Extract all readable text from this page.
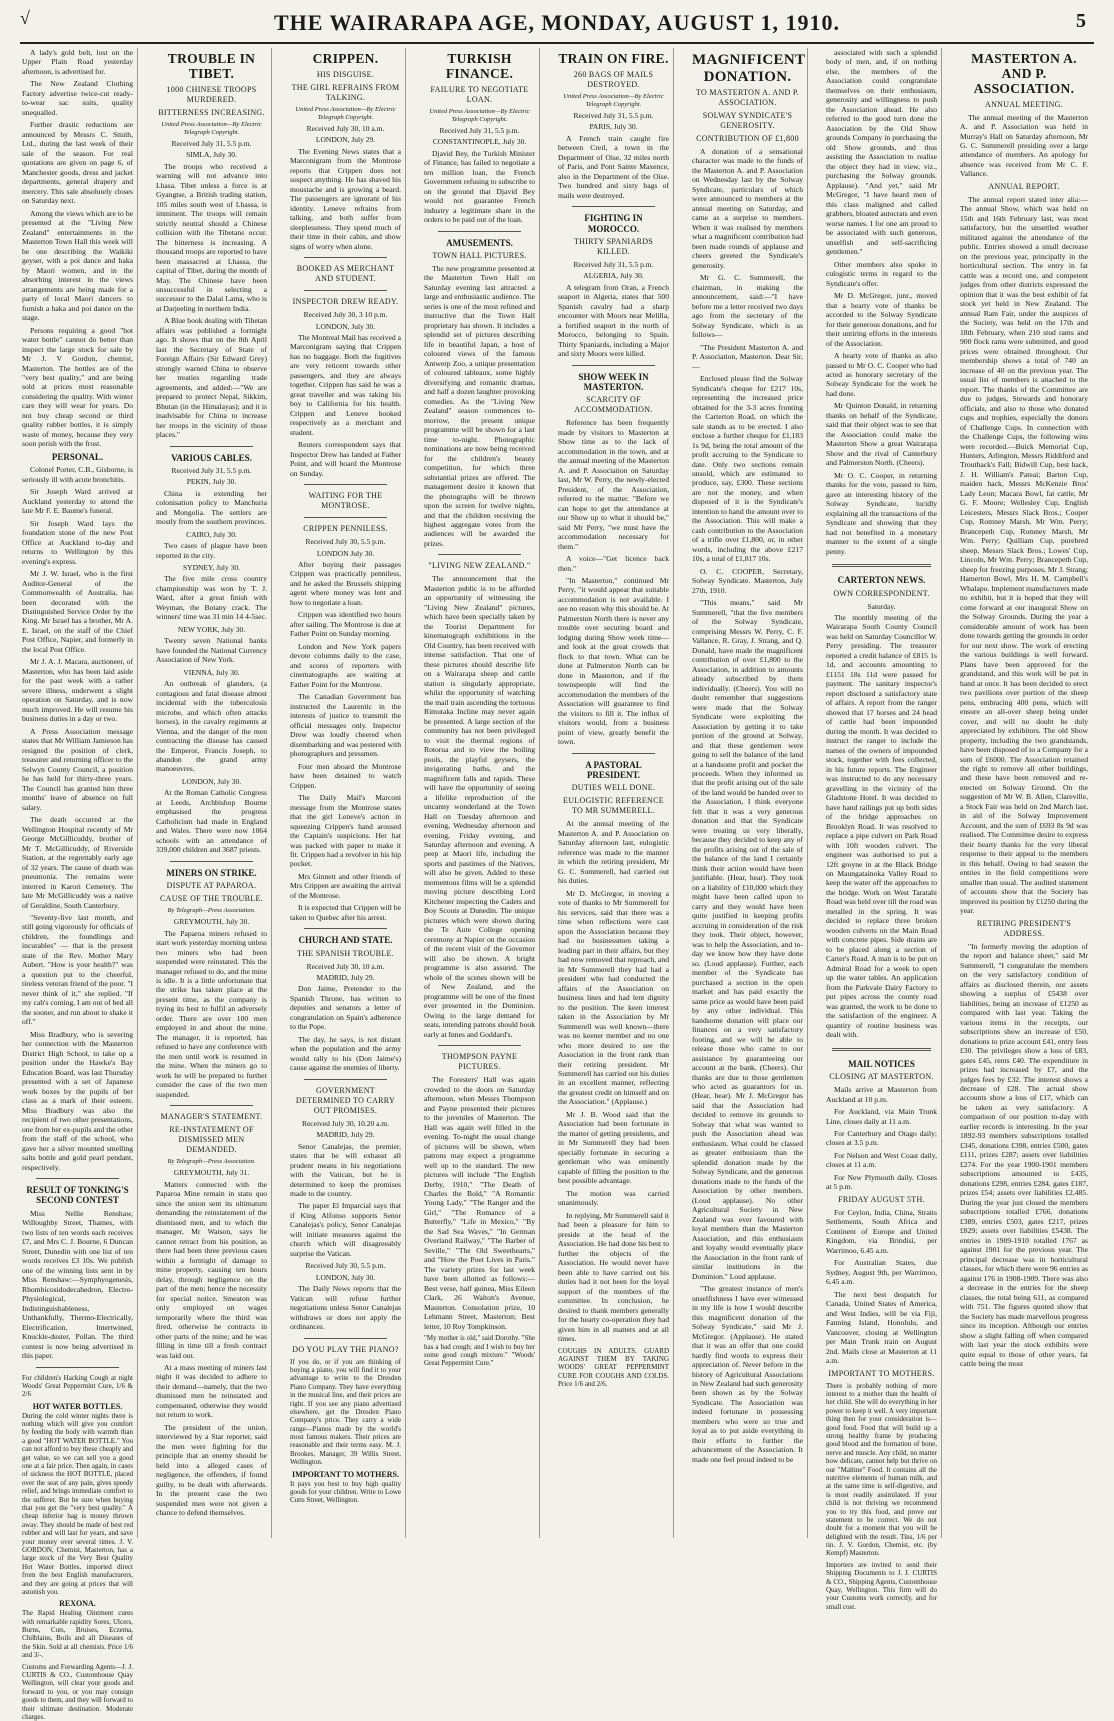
√	THE WAIRARAPA AGE, MONDAY, AUGUST 1, 1910.	5

A lady's gold belt, lost on the Upper Plain Road yesterday afternoon, is advertised for.

The New Zealand Clothing Factory advertise twice-cut ready-to-wear sac suits, quality unequalled.

Further drastic reductions are announced by Messrs C. Smith, Ltd., during the last week of their sale of the season. For real quotations are given on page 6, of Manchester goods, dress and jacket departments, general drapery and mercery. This sale absolutely closes on Saturday next.

Among the views which are to be presented at the "Living New Zealand" entertainments in the Masterton Town Hall this week will be one describing the Waikiki geyser, with a poi dance and haka by Maori women, and in the absorbing interest in the views arrangements are being made for a party of local Maori dancers to furnish a haka and poi dance on the stage.

Persons requiring a good "hot water bottle" cannot do better than inspect the large stock for sale by Mr J. V Gordon, chemist, Masterton. The bottles are of the "very best quality," and are being sold at prices most reasonable considering the quality. With winter care they will wear for years. Do not buy cheap second or third quality rubber bottles, it is simply waste of money, because they very soon perish with the frost.

PERSONAL.

Colonel Porter, C.B., Gisborne, is seriously ill with acute bronchitis.

Sir Joseph Ward arrived at Auckland yesterday to attend the late Mr F. E. Baume's funeral.

Sir Joseph Ward lays the foundation stone of the new Post Office at Auckland to-day and returns to Wellington by this evening's express.

Mr J. W. Israel, who is the first Auditor-General of the Commonwealth of Australia, has been decorated with the Distinguished Service Order by the King. Mr Israel has a brother, Mr A. E. Israel, on the staff of the Chief Post Office, Napier, and formerly in the local Post Office.

Mr J. A. J. Macara, auctioneer, of Masterton, who has been laid aside for the past week with a rather severe illness, underwent a slight operation on Saturday, and is now much improved. He will resume his business duties in a day or two.

A Press Association message states that Mr William Jamieson has resigned the position of clerk, treasurer and returning officer to the Selwyn County Council, a position he has held for thirty-three years. The Council has granted him three months' leave of absence on full salary.

The death occurred at the Wellington Hospital recently of Mr George McGillicuddy, brother of Mr T. McGillicuddy, of Riverside Station, at the regrettably early age of 32 years. The cause of death was pneumonia. The remains were interred in Karori Cemetery. The late Mr McGillicuddy was a native of Geraldine, South Canterbury.

"Seventy-five last month, and still going vigorously for officials of children, the foundlings and incurables" — that is the present state of the Rev. Mother Mary Aubert. "How is your health?" was a question put to the cheerful, tireless veteran friend of the poor. "I never think of it," she replied. "If my cab's coming, I am out of bed all the sooner, and run about to shake it off."

Miss Bradbury, who is severing her connection with the Masterton District High School, to take up a position under the Hawke's Bay Education Board, was last Thursday presented with a set of Japanese work boxes by the pupils of her class as a mark of their esteem. Miss Bradbury was also the recipient of two other presentations, one from her ex-pupils and the other from the staff of the school, who gave her a silver mounted smelling salts bottle and gold pearl pendant, respectively.

RESULT OF TONKING'S SECOND CONTEST

Miss Nellie Renshaw, Willoughby Street, Thames, with two lists of ten words each receives £7, and Mrs C. J. Bourne, 6 Duncan Street, Dunedin with one list of ten words receives £3 10s. We publish one of the winning lists sent in by Miss Renshaw:—Symphyogenesis, Rhombicosidodecahedron, Electro-Physiological, Indistinguishableness, Unthankfully, Thermo-Electrically, Electrification, Intertwined, Knuckle-duster, Pollan. The third contest is now being advertised in this paper.

For children's Hacking Cough at night Woods' Great Peppermint Cure, 1/6 & 2/6

HOT WATER BOTTLES.

During the cold winter nights there is nothing which will give you comfort by feeding the body with warmth than a good "HOT WATER BOTTLE." You can not afford to buy these cheaply and get value, so we can sell you a good one at a fair price. Then again, in cases of sickness the HOT BOTTLE, placed over the seat of any pain, gives speedy relief, and brings immediate comfort to the sufferer. But be sure when buying that you get the "very best quality." A cheap inferior bag is money thrown away. They should be made of best red rubber and will last for years, and save your money over several times. J. V. GORDON, Chemist, Masterton, has a large stock of the Very Best Quality Hot Water Bottles, imported direct from the best English manufacturers, and they are going at prices that will astonish you.

REXONA.

The Rapid Healing Ointment cures with remarkable rapidity Sores, Ulcers, Burns, Cuts, Bruises, Eczema, Chilblains, Boils and all Diseases of the Skin. Sold at all chemists. Price 1/6 and 3/-.

Customs and Forwarding Agents—J. J. CURTIS & CO., Customhouse Quay Wellington, will clear your goods and forward to you, or you may consign goods to them, and they will forward to their ultimate destination. Moderate charges.

TROUBLE IN TIBET.
1000 CHINESE TROOPS MURDERED.
BITTERNESS INCREASING.
United Press Association—By Electric Telegraph Copyright.
Received July 31, 5.5 p.m.
SIMLA, July 30.

The troops who received a warning will not advance into Lhasa. Tibet unless a force is at Gyangtse, a British trading station, 105 miles south west of Lhassa, is imminent. The troops will remain strictly neutral should a Chinese collision with the Tibetans occur. The bitterness is increasing. A thousand troops are reported to have been massacred at Lhassa, the capital of Tibet, during the month of May. The Chinese have been unsuccessful in selecting a successor to the Dalai Lama, who is at Darjeeling in northern India.

A Blue book dealing with Tibetan affairs was published a fortnight ago. It shows that on the 8th April last the Secretary of State of Foreign Affairs (Sir Edward Grey) strongly warned China to observe her treaties regarding trade agreements, and added:—"We are prepared to protect Nepal, Sikkim, Bhutan (in the Himalayas); and it is inadvisable for China to increase her troops in the vicinity of those places."

VARIOUS CABLES.
Received July 31, 5.5 p.m.
PEKIN, July 30.

China is extending her colonisation policy to Manchuria and Mongolia. The settlers are mostly from the southern provinces.

CAIRO, July 30.

Two cases of plague have been reported in the city.

SYDNEY, July 30.

The five mile cross country championship was won by T. J. Ward, after a great finish with Weyman, the Botany crack. The winners' time was 31 min 14 4-5sec.

NEW YORK, July 30.

Twenty seven National banks have founded the National Currency Association of New York.

VIENNA, July 30.

An outbreak of glanders, (a contagious and fatal disease almost incidental with the tuberculosis microbe, and which often attacks horses), in the cavalry regiments at Vienna, and the danger of the men contracting the disease has caused the Emperor, Francis Joseph, to abandon the grand army manoeuvres.

LONDON, July 30.

At the Roman Catholic Congress at Leeds, Archbishop Bourne emphasised the progress Catholicism had made in England and Wales. There were now 1064 schools with an attendance of 339,000 children and 3687 priests.

MINERS ON STRIKE.
DISPUTE AT PAPAROA.
CAUSE OF THE TROUBLE.
By Telegraph—Press Association.
GREYMOUTH, July 30.

The Paparoa miners refused to start work yesterday morning unless two miners who had been suspended were reinstated. This the manager refused to do, and the mine is idle. It is a little unfortunate that the strike has taken place at the present time, as the company is trying its best to fulfil an adversely order. There are over 100 men employed in and about the mine. The manager, it is reported, has refused to have any conference with the men until work is resumed in the mine. When the miners go to work he will be prepared to further consider the case of the two men suspended.

MANAGER'S STATEMENT.
RE-INSTATEMENT OF DISMISSED MEN DEMANDED.
By Telegraph—Press Association.
GREYMOUTH, July 31.

Matters connected with the Paparoa Mine remain in statu quo since the union sent its ultimatum demanding the reinstatement of the dismissed men, and to which the manager, Mr Watson, says he cannot retract from his position, as there had been three previous cases within a fortnight of damage to mine property, causing ten hours delay, through negligence on the part of the men; hence the necessity for special notice. Smeaton was only employed on wages temporarily where the third was fired, otherwise he contracts in other parts of the mine; and he was filling in time till a fresh contract was laid out.

At a mass meeting of miners last night it was decided to adhere to their demand—namely, that the two dismissed men be reinstated and compensated, otherwise they would not return to work.

The president of the union, interviewed by a Star reporter, said the men were fighting for the principle that an enemy should be held into a alleged cases of negligence, the offenders, if found guilty, to be dealt with afterwards. In the present case the two suspended men were not given a chance to defend themselves.

CRIPPEN.
HIS DISGUISE.
THE GIRL REFRAINS FROM TALKING.
United Press Association—By Electric Telegraph Copyright.
Received July 30, 10 a.m.
LONDON, July 29.

The Evening News states that a Marconigram from the Montrose reports that Crippen does not suspect anything. He has shaved his moustache and is growing a beard. The passengers are ignorant of his identity. Leneve refrains from talking, and both suffer from sleeplessness. They spend much of their time in their cabin, and show signs of worry when alone.

BOOKED AS MERCHANT AND STUDENT.
INSPECTOR DREW READY.
Received July 30, 3 10 p.m.
LONDON, July 30.

The Montreal Mail has received a Marconigram saying that Crippen has no baggage. Both the fugitives are very reticent towards other passengers, and they are always together. Crippen has said he was a great traveller and was taking his boy to California for his health. Crippen and Leneve booked respectively as a merchant and student.

Reuters correspondent says that Inspector Drew has landed at Father Point, and will board the Montrose on Sunday.

WAITING FOR THE MONTROSE.
CRIPPEN PENNILESS.
Received July 30, 5.5 p.m.
LONDON July 30.

After buying their passages Crippen was practically penniless, and he asked the Brussels shipping agent where money was lent and how to negotiate a loan.

Crippen was identified two hours after sailing. The Montrose is due at Father Point on Sunday morning.

London and New York papers devote columns daily to the case, and scores of reporters with cinematographs are waiting at Father Point for the Montrose.

The Canadian Government has instructed the Laurentic in the interests of justice to transmit the official messages only. Inspector Drew was loudly cheered when disembarking and was pestered with photographers and pressmen.

Four men aboard the Montrose have been detained to watch Crippen.

The Daily Mail's Marconi message from the Montrose states that the girl Leneve's action in squeezing Crippen's hand aroused the Captain's suspicions. Her hat was packed with paper to make it fit. Crippen had a revolver in his hip pocket.

Mrs Ginnett and other friends of Mrs Crippen are awaiting the arrival of the Montrose.

It is expected that Crippen will be taken to Quebec after his arrest.

CHURCH AND STATE.
THE SPANISH TROUBLE.
Received July 30, 10 a.m.
MADRID, July 29.

Don Jaime, Pretender to the Spanish Throne, has written to deputies and senators a letter of congratulation on Spain's adherence to the Pope.

The day, he says, is not distant when the population and the army would rally to his (Don Jaime's) cause against the enemies of liberty.

GOVERNMENT DETERMINED TO CARRY OUT PROMISES.
Received July 30, 10.20 a.m.
MADRID, July 29.

Senor Canalejas, the premier, states that he will exhaust all prudent means in his negotiations with the Vatican, but he is determined to keep the promises made to the country.

The paper El Imparcial says that if King Alfonso supports Senor Canalejas's policy, Senor Canalejas will initiate measures against the church which will disagreeably surprise the Vatican.

Received July 30, 5.5 p.m.
LONDON, July 30.

The Daily News reports that the Vatican will refuse further negotiations unless Senor Canalejas withdraws or does not apply the ordinances.

DO YOU PLAY THE PIANO?

If you do, or if you are thinking of buying a piano, you will find it to your advantage to write to the Dresden Piano Company. They have everything in the musical line, and their prices are right. If you see any piano advertised elsewhere, get the Dresden Piano Company's price. They carry a wide range—Pianos made by the world's most famous makers. Their prices are reasonable and their terms easy. M. J. Brookes, Manager, 39 Willis Street, Wellington.

IMPORTANT TO MOTHERS.

It pays you best to buy high quality goods for your children. Write to Lowe Cutts Street, Wellington.

TURKISH FINANCE.
FAILURE TO NEGOTIATE LOAN.
United Press Association—By Electric Telegraph Copyright.
Received July 31, 5.5 p.m.
CONSTANTINOPLE, July 30.

Djavid Bey, the Turkish Minister of Finance, has failed to negotiate a ten million loan, the French Government refusing to subscribe to on the ground that Djavid Bey would not guarantee French industry a legitimate share in the orders to be paid out of the loan.

AMUSEMENTS.
TOWN HALL PICTURES.

The new programme presented at the Masterton Town Hall on Saturday evening last attracted a large and enthusiastic audience. The series is one of the most refined and instructive that the Town Hall proprietary has shown. It includes a splendid set of pictures describing life in beautiful Japan, a host of coloured views of the famous Antwerp Zoo, a unique presentation of coloured tableaux, some highly diversifying and romantic dramas, and half a dozen laughter provoking comedies. As the "Living New Zealand" season commences to-morrow, the present unique programme will be shown for a last time to-night. Photographic nominations are now being received for the children's beauty competition, for which three substantial prizes are offered. The management desire it known that the photographs will be thrown upon the screen for twelve nights, and that the children receiving the highest aggregate votes from the audiences will be awarded the prizes.

"LIVING NEW ZEALAND."

The announcement that the Masterton public is to be afforded an opportunity of witnessing the "Living New Zealand" pictures, which have been specially taken by the Tourist Department for kinematograph exhibitions in the Old Country, has been received with intense satisfaction. That one of these pictures should describe life on a Wairarapa sheep and cattle station is singularly appropriate, whilst the opportunity of watching the mail train ascending the tortuous Rimutaka Incline may never again be presented. A large section of the community has not been privileged to visit the thermal regions of Rotorua and to view the boiling pools, the playful geysers, the invigorating baths, and the magnificent falls and rapids. These will have the opportunity of seeing a lifelike reproduction of the uncanny wonderland at the Town Hall on Tuesday afternoon and evening, Wednesday afternoon and evening, Friday evening, and Saturday afternoon and evening. A peep at Maori life, including the sports and pastimes of the Natives, will also be given. Added to these momentous films will be a splendid moving picture describing Lord Kitchener inspecting the Cadets and Boy Scouts at Dunedin. The unique pictures which were shown during the Te Aute College opening ceremony at Napier on the occasion of the recent visit of the Governor will also be shown. A bright programme is also assured. The whole of the scenes shown will be of New Zealand, and the programme will be one of the finest ever presented in the Dominion. Owing to the large demand for seats, intending patrons should book early at Innes and Goddard's.

THOMPSON PAYNE PICTURES.

The Foresters' Hall was again crowded to the doors on Saturday afternoon, when Messrs Thompson and Payne presented their pictures to the juveniles of Masterton. The Hall was again well filled in the evening. To-night the usual change of pictures will be shown, when patrons may expect a programme well up to the standard. The new pictures will include "The English Derby, 1910," "The Death of Charles the Bold," "A Romantic Young Lady," "The Ranger and the Girl," "The Romance of a Butterfly," "Life in Mexico," "By the Sad Sea Waves," "In German Overland Railway," "The Barber of Seville," "The Old Sweethearts," and "How the Poet Lives in Paris." The variety prizes for last week have been allotted as follows:—Best verse, half guinea, Miss Eileen Clark, 26 Walton's Avenue, Masterton. Consolation prize, 10 Lehmann Street, Masterton; Best letter, 10 Roy Tompkinson.

"My mother is old," said Dorothy. "She has a bad cough; and I wish to buy her some good cough mixture." "Woods' Great Peppermint Cure."

TRAIN ON FIRE.
260 BAGS OF MAILS DESTROYED.
United Press Association—By Electric Telegraph Copyright.
Received July 31, 5.5 p.m.
PARIS, July 30.

A French train caught fire between Creil, a town in the Department of Oise, 32 miles north of Paris, and Pont Sainte Maxence, also in the Department of the Oise. Two hundred and sixty bags of mails were destroyed.

FIGHTING IN MOROCCO.
THIRTY SPANIARDS KILLED.
Received July 31, 5.5 p.m.
ALGERIA, July 30.

A telegram from Oran, a French seaport in Algeria, states that 500 Spanish cavalry had a sharp encounter with Moors near Melilla, a fortified seaport in the north of Morocco, belonging to Spain. Thirty Spaniards, including a Major and sixty Moors were killed.

SHOW WEEK IN MASTERTON.
SCARCITY OF ACCOMMODATION.

Reference has been frequently made by visitors to Masterton at Show time as to the lack of accommodation in the town, and at the annual meeting of the Masterton A. and P. Association on Saturday last, Mr W. Perry, the newly-elected President, of the Association, referred to the matter. "Before we can hope to get the attendance at our Show up to what it should be," said Mr Perry, "we must have the accommodation necessary for them."

A voice—"Get licence back then."

"In Masterton," continued Mr Perry, "it would appear that suitable accommodation is not available. I see no reason why this should be. At Palmerston North there is never any trouble over securing board and lodging during Show week time—and look at the great crowds that flock to that town. What can be done at Palmerston North can be done in Masterton, and if the townspeople will find the accommodation the members of the Association will guarantee to find the visitors to fill it. The influx of visitors would, from a business point of view, greatly benefit the town.

A PASTORAL PRESIDENT.
DUTIES WELL DONE.
EULOGISTIC REFERENCE TO MR SUMMERELL.

At the annual meeting of the Masterton A. and P. Association on Saturday afternoon last, eulogistic reference was made to the manner in which the retiring president, Mr G. C. Summerell, had carried out his duties.

Mr D. McGregor, in moving a vote of thanks to Mr Summerell for his services, said that there was a time when reflections were cast upon the Association because they had no businessmen taking a leading part in their affairs, but they had now removed that reproach, and in Mr Summerell they had had a president who had conducted the affairs of the Association on business lines and had lent dignity to the position. The keen interest taken in the Association by Mr Summerell was well known—there was no keener member and no one who more desired to see the Association in the front rank than their retiring president. Mr Summerell has carried out his duties in an excellent manner, reflecting the greatest credit on himself and on the Association." (Applause.)

Mr J. B. Wood said that the Association had been fortunate in the matter of getting presidents, and in Mr Summerell they had been specially fortunate in securing a gentleman who was eminently capable of filling the position to the best possible advantage.

The motion was carried unanimously.

In replying, Mr Summerell said it had been a pleasure for him to preside at the head of the Association. He had done his best to further the objects of the Association. He would never have been able to have carried out his duties had it not been for the loyal support of the members of the committee. In conclusion, he desired to thank members generally for the hearty co-operation they had given him in all matters and at all times.

COUGHS IN ADULTS. GUARD AGAINST THEM BY TAKING WOODS' GREAT PEPPERMINT CURE FOR COUGHS AND COLDS. Price 1/6 and 2/6.

MAGNIFICENT DONATION.
TO MASTERTON A. AND P. ASSOCIATION.
SOLWAY SYNDICATE'S GENEROSITY.
CONTRIBUTION OF £1,800

A donation of a sensational character was made to the funds of the Masterton A. and P. Association on Wednesday last by the Solway Syndicate, particulars of which were announced to members at the annual meeting on Saturday, and came as a surprise to members. When it was realised by members what a magnificent contribution had been made rounds of applause and cheers greeted the Syndicate's generosity.

Mr G. C. Summerell, the chairman, in making the announcement, said:—"I have before me a letter received two days ago from the secretary of the Solway Syndicate, which is as follows—

"The President Masterton A. and P. Association, Masterton. Dear Sir,—

Enclosed please find the Solway Syndicate's cheque for £217 10s, representing the increased price obtained for the 3-3 acres fronting the Carterton Road, on which the sale stands as to be erected. I also enclose a further cheque for £1,183 1s 9d, being the total amount of the profit accruing to the Syndicate to date. Only two sections remain unsold, which are estimated to produce, say, £300. These sections are not the money, and when disposed of it is the Syndicate's intention to hand the amount over to the Association. This will make a cash contribution to the Association of a trifle over £1,800, or, in other words, including the above £217 10s, a total of £1,817 10s.

O. C. COOPER, Secretary, Solway Syndicate. Masterton, July 27th, 1910.

"This means," said Mr Summerell, "that the five members of the Solway Syndicate, comprising Messrs W. Perry, C. F. Vallance, R. Gray, J. Strang, and Q. Donald, have made the magnificent contribution of over £1,800 to the Association, in addition to amounts already subscribed by them individually. (Cheers). You will no doubt remember that suggestions were made that the Solway Syndicate were exploiting the Association by getting it to take portion of the ground at Solway, and that these gentlemen were going to sell the balance of the land at a handsome profit and pocket the proceeds. When they informed us that the profit arising out of the sale of the land would be handed over to the Association, I think everyone felt that it was a very generous donation and that the Syndicate were treating us very liberally, because they decided to keep any of the profits arising out of the sale of the balance of the land I certainly think their action would have been justifiable. (Hear, hear). They took on a liability of £10,000 which they might have been called upon to carry and they would have been quite justified in keeping profits accruing in consideration of the risk they took. Their object, however, was to help the Association, and to-day we know how they have done so. (Loud applause). Further, each member of the Syndicate has purchased a section in the open market and has paid exactly the same price as would have been paid by any other individual. This handsome donation will place our finances on a very satisfactory footing, and we will be able to release those who came to our assistance by guaranteeing our account at the bank. (Cheers). Our thanks are due to those gentlemen who acted as guarantors for us. (Hear, hear). Mr J. McGregor has said that the Association had decided to remove its grounds to Solway that what was wanted to push the Association ahead was enthusiasm. What could be classed as greater enthusiasm than the splendid donation made by the Solway Syndicate, and the generous donations made to the funds of the Association by other members. (Loud applause). No other Agricultural Society in New Zealand was ever favoured with loyal members than the Masterton Association, and this enthusiasm and loyalty would eventually place the Association in the front rank of similar institutions in the Dominion." Loud applause.

"The greatest instance of men's unselfishness I have ever witnessed in my life is how I would describe this magnificent donation of the Solway Syndicate," said Mr J. McGregor. (Applause). He stated that it was an offer that one could hardly find words to express their appreciation of. Never before in the history of Agricultural Associations in New Zealand had such generosity been shown as by the Solway Syndicate. The Association was indeed fortunate in possessing members who were so true and loyal as to put aside everything in their efforts to further the advancement of the Association. It made one feel proud indeed to be

associated with such a splendid body of men, and, if on nothing else, the members of the Association could congratulate themselves on their enthusiasm, generosity and willingness to push the Association ahead. He also referred to the good turn done the Association by the Old Show grounds Company in purchasing the old Show grounds, and thus assisting the Association to realise the object they had in view, viz., purchasing the Solway grounds. Applause). "And yet," said Mr McGregor, "I have heard men of this class maligned and called grabbers, bloated autocrats and even worse names. I for one am proud to be associated with such generous, unselfish and self-sacrificing gentlemen."

Other members also spoke in culogistic terms in regard to the Syndicate's offer.

Mr D. McGregor, junr., moved that a hearty vote of thanks be accorded to the Solway Syndicate for their generous donations, and for their untiring efforts in the interests of the Association.

A hearty vote of thanks as also passed to Mr O. C. Cooper who had acted as honorary secretary of the Solway Syndicate for the work he had done.

Mr Quinton Donald, in returning thanks on behalf of the Syndicate, said that their object was to see that the Association could make the Masterton Show a great Wairarapa Show and the rival of Canterbury and Palmerston North. (Cheers).

Mr O. C. Cooper, in returning thanks for the vote, passed to him, gave an interesting history of the Solway Syndicate, lucidly explaining all the transactions of the Syndicate and showing that they had not benefited in a monetary manner to the extent of a single penny.

CARTERTON NEWS.
OWN CORRESPONDENT.
Saturday.

The monthly meeting of the Wairarapa South County Council was held on Saturday Councillor W. Perry presiding. The treasurer reported a credit balance of £815 1s 1d, and accounts amounting to £1151 18s 11d were passed for payment. The sanitary inspector's report disclosed a satisfactory state of affairs. A report from the ranger showed that 17 horses and 24 head of cattle had been impounded during the month. It was decided to instruct the ranger to include the names of the owners of impounded stock, together with fees collected, in his future reports. The Engineer was instructed to do any necessary gravelling in the vicinity of the Gladstone Hotel. It was decided to have hand railings put up both sides of the bridge approaches on Brooklyn Road. It was resolved to replace a pipe culvert on Park Road with 10ft wooden culvert. The engineer was authorised to put a 12ft groyne in at the Black Bridge on Maungatainoka Valley Road to keep the water off the approaches to the bridge. Work on West Taratahi Road was held over till the road was metalled in the spring. It was decided to replace three broken wooden culverts on the Main Road with concrete pipes. Side drains are to be placed along a section of Carter's Road. A man is to be put on Admiral Road for a week to open up the water tables. An application from the Parkvale Dairy Factory to put pipes across the county road was granted, the work to be done to the satisfaction of the engineer. A quantity of routine business was dealt with.

MAIL NOTICES
CLOSING AT MASTERTON.

Mails arrive at Masterton from Auckland at 10 p.m.

For Auckland, via Main Trunk Line, closes daily at 11 a.m.

For Canterbury and Otago daily; closes at 3.5 p.m.

For Nelson and West Coast daily, closes at 11 a.m.

For New Plymouth daily. Closes at 5 p.m.

FRIDAY AUGUST 5TH.

For Ceylon, India, China, Straits Settlements, South Africa and Continent of Europe and United Kingdom, via Brindisi, per Warrimoo, 6.45 a.m.

For Australian States, due Sydney, August 9th, per Warrimoo, 6.45 a.m.

The next best despatch for Canada, United States of America, and West Indies, will be via Fiji, Fanning Island, Honolulu, and Vancouver, closing at Wellington per Main Trunk train on August 2nd. Mails close at Masterton at 11 a.m.

IMPORTANT TO MOTHERS.

There is probably nothing of more interest to a mother than the health of her child. She will do everything in her power to keep it well. A very important thing then for your consideration is—good food. Food that will build up a strong healthy frame by producing good blood and the formation of bone, nerve and muscle. Any child, no matter how delicate, cannot help but thrive on our "Maltine" Food. It contains all the nutritive elements of human milk, and at the same time is self-digestive, and is most readily assimilated. If your child is not thriving we recommend you to try this food, and prove our statement to be correct. We do not doubt for a moment that you will be delighted with the result. Tins, 1/6 per tin. J. V. Gordon, Chemist, etc. (by Kempf) Masterton.

Importers are invited to send their Shipping Documents to J. J. CURTIS & CO., Shipping Agents, Customhouse Quay, Wellington. This firm will do your Customs work correctly, and for small cost.

MASTERTON A. AND P. ASSOCIATION.
ANNUAL MEETING.

The annual meeting of the Masterton A. and P. Association was held in Murray's Hall on Saturday afternoon, Mr G. C. Summerell presiding over a large attendance of members. An apology for absence was received from Mr C. F. Vallance.

ANNUAL REPORT.

The annual report stated inter alia:—The annual Show, which was held on 15th and 16th February last, was most satisfactory, but the unsettled weather militated against the attendance of the public. Entries showed a small decrease on the previous year, principally in the horticultural section. The entry in fat cattle was a record one, and competent judges from other districts expressed the opinion that it was the best exhibit of fat stock yet held in New Zealand. The annual Ram Fair, under the auspices of the Society, was held on the 17th and 18th February, when 210 stud rams and 900 flock rams were submitted, and good prices were obtained throughout. Our membership shows a total of 740 an increase of 40 on the previous year. The usual list of members is attached to the report. The thanks of the Committee are due to judges, Stewards and honorary officials, and also to those who donated cups and trophies, especially the donors of Challenge Cups. In connection with the Challenge Cups, the following wins were recorded.—Buick Memorial Cup, Hunters, Arlington, Messrs Riddiford and Trouthack's Fall; Bidwill Cup, best hack, J. H. William's Pateai; Barton Cup, maiden hack, Messrs McKenzie Bros' Lady Leon; Macara Bowl, fat cattle, Mr G. F. Moore; Wellesley Cup, English Leicesters, Messrs Slack Bros.; Cooper Cup, Romney Marsh, Mr Wm. Perry; Brancepeth Cup, Romney Marsh, Mr Wm. Perry; Quilliam Cup, purebred sheep, Messrs Slack Bros.; Lowes' Cup, Lincoln, Mr Wm. Perry; Brancepeth Cup, sheep for freezing purposes, Mr J. Strang; Hamerton Bowl, Mrs H. M. Campbell's Whalapo. Implement manufacturers made no exhibit, but it is hoped that they will come forward at our inaugural Show on the Solway Grounds. During the year a considerable amount of work has been done towards getting the grounds in order for our next show. The work of erecting the various buildings is well forward. Plans have been approved for the grandstand, and this work will be put in hand at once. It has been decided to erect two pavilions over portion of the sheep pens, embracing 400 pens, which will ensure an all-over sheep being under cover, and will no doubt be duly appreciated by exhibitors. The old Show property, including the two grandstands, have been disposed of to a Company for a sum of £6000. The Association retained the right to remove all other buildings, and these have been removed and re-erected on Solway Ground. On the suggestion of Mr W. B. Allen, Clareville, a Stock Fair was held on 2nd March last, in aid of the Solway Improvement Account, and the sum of £693 8s 9d was realised. The Committee desire to express their hearty thanks for the very liberal response to their appeal to the members in this behalf. Owing to bad season the entries in the field competitions were smaller than usual. The audited statement of accounts show that the Society has improved its position by £1250 during the year.

RETIRING PRESIDENT'S ADDRESS.

"In formerly moving the adoption of the report and balance sheet," said Mr Summerell, "I congratulate the members on the very satisfactory condition of affairs as disclosed therein, our assets showing a surplus of £5438 over liabilities, being an increase of £1250 as compared with last year. Taking the various items in the receipts, our subscriptions show an increase of £50, donations to prize account £41, entry fees £30. The privileges show a loss of £83, gates £45, rents £40. The expenditure in prizes had increased by £7, and the judges fees by £32. The interest shows a decrease of £28. The actual show accounts show a loss of £17, which can be taken as very satisfactory. A comparison of our position to-day with earlier records is interesting. In the year 1892-93 members subscriptions totalled £345, donations £398, entries £500, gates £111, prizes £287; assets over liabilities £274. For the year 1900-1901 members subscriptions amounted to £435, donations £298, entries £284, gates £187, prizes £54; assets over liabilities £2,485. During the year just closed the members subscriptions totalled £766, donations £389, entries £503, gates £217, prizes £829; assets over liabilities £5438. The entries in 1909-1910 totalled 1767 as against 1901 for the previous year. The principal decrease was in horticultural classes, for which there were 96 entries as against 176 in 1908-1909. There was also a decrease in the entries for the sheep classes, the total being 611, as compared with 751. The figures quoted show that the Society has made marvellous progress since its inception. Although our entries show a slight falling off when compared with last year the stock exhibits were quite equal to those of other years, fat cattle being the most
